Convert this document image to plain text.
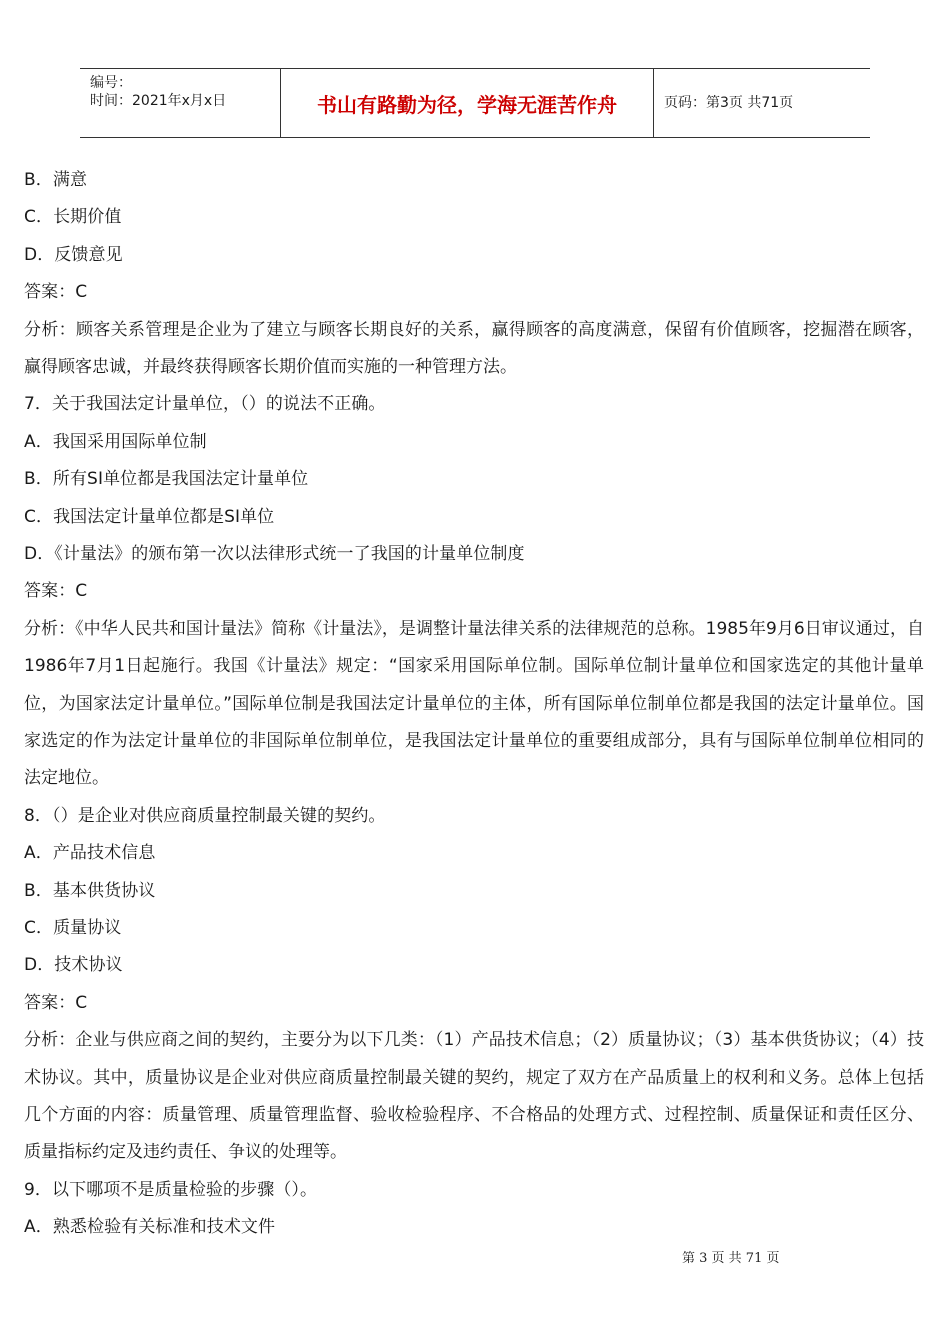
编号：
时间：2021年x月x日	书山有路勤为径，学海无涯苦作舟	页码：第3页 共71页
B．满意
C．长期价值
D．反馈意见
答案：C
分析：顾客关系管理是企业为了建立与顾客长期良好的关系，赢得顾客的高度满意，保留有价值顾客，挖掘潜在顾客，赢得顾客忠诚，并最终获得顾客长期价值而实施的一种管理方法。
7．关于我国法定计量单位，（）的说法不正确。
A．我国采用国际单位制
B．所有SI单位都是我国法定计量单位
C．我国法定计量单位都是SI单位
D．《计量法》的颁布第一次以法律形式统一了我国的计量单位制度
答案：C
分析：《中华人民共和国计量法》简称《计量法》，是调整计量法律关系的法律规范的总称。1985年9月6日审议通过，自1986年7月1日起施行。我国《计量法》规定：“国家采用国际单位制。国际单位制计量单位和国家选定的其他计量单位，为国家法定计量单位。”国际单位制是我国法定计量单位的主体，所有国际单位制单位都是我国的法定计量单位。国家选定的作为法定计量单位的非国际单位制单位，是我国法定计量单位的重要组成部分，具有与国际单位制单位相同的法定地位。
8．（）是企业对供应商质量控制最关键的契约。
A．产品技术信息
B．基本供货协议
C．质量协议
D．技术协议
答案：C
分析：企业与供应商之间的契约，主要分为以下几类：（1）产品技术信息；（2）质量协议；（3）基本供货协议；（4）技术协议。其中，质量协议是企业对供应商质量控制最关键的契约，规定了双方在产品质量上的权利和义务。总体上包括几个方面的内容：质量管理、质量管理监督、验收检验程序、不合格品的处理方式、过程控制、质量保证和责任区分、质量指标约定及违约责任、争议的处理等。
9．以下哪项不是质量检验的步骤（）。
A．熟悉检验有关标准和技术文件
第 3 页 共 71 页
